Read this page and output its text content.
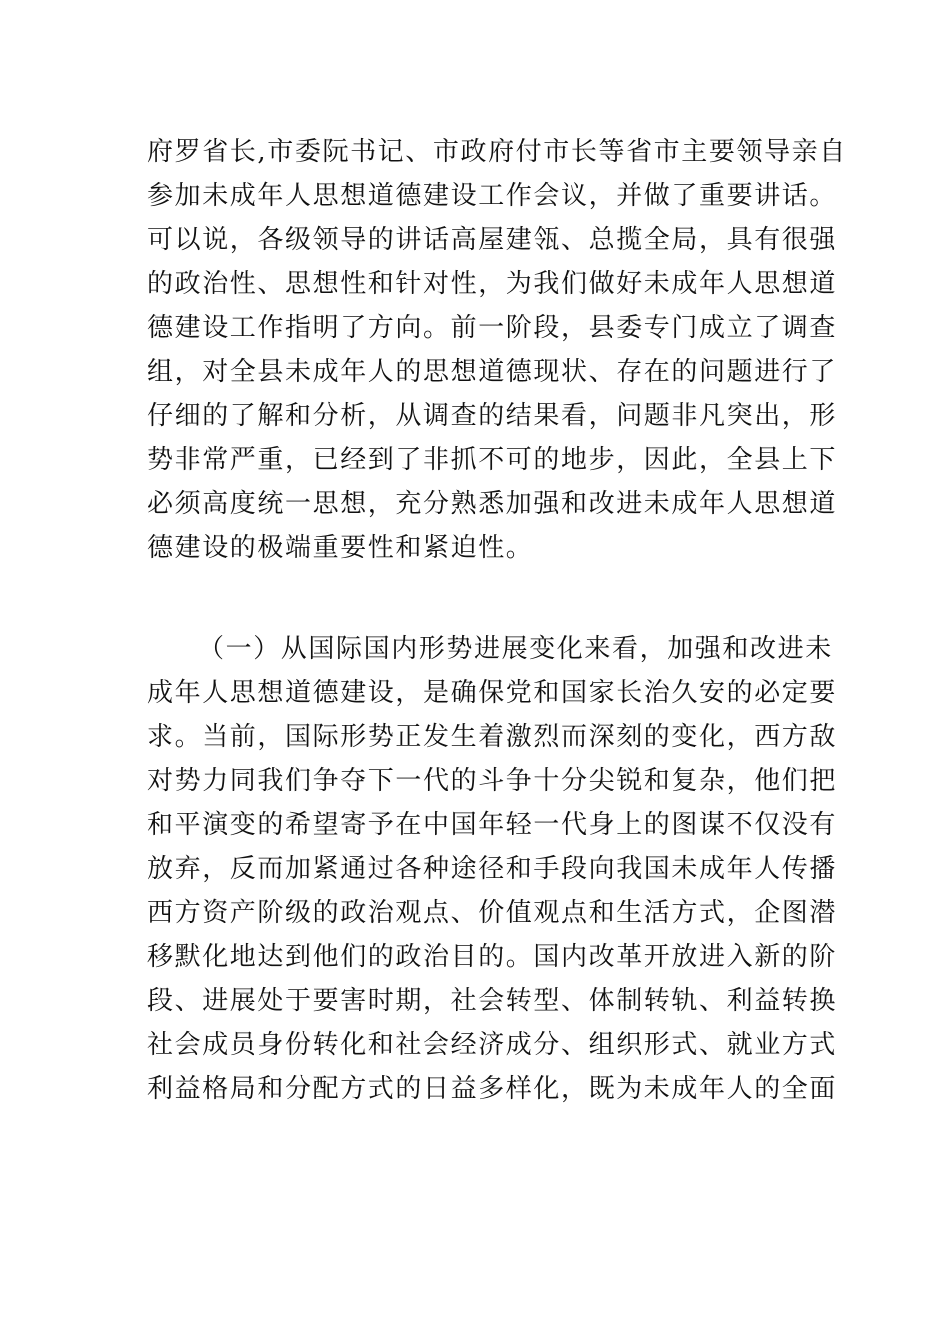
府罗省长,市委阮书记、市政府付市长等省市主要领导亲自
参加未成年人思想道德建设工作会议，并做了重要讲话。
可以说，各级领导的讲话高屋建瓴、总揽全局，具有很强
的政治性、思想性和针对性，为我们做好未成年人思想道
德建设工作指明了方向。前一阶段，县委专门成立了调查
组，对全县未成年人的思想道德现状、存在的问题进行了
仔细的了解和分析，从调查的结果看，问题非凡突出，形
势非常严重，已经到了非抓不可的地步，因此，全县上下
必须高度统一思想，充分熟悉加强和改进未成年人思想道
德建设的极端重要性和紧迫性。
（一）从国际国内形势进展变化来看，加强和改进未
成年人思想道德建设，是确保党和国家长治久安的必定要
求。当前，国际形势正发生着激烈而深刻的变化，西方敌
对势力同我们争夺下一代的斗争十分尖锐和复杂，他们把
和平演变的希望寄予在中国年轻一代身上的图谋不仅没有
放弃，反而加紧通过各种途径和手段向我国未成年人传播
西方资产阶级的政治观点、价值观点和生活方式，企图潜
移默化地达到他们的政治目的。国内改革开放进入新的阶
段、进展处于要害时期，社会转型、体制转轨、利益转换
社会成员身份转化和社会经济成分、组织形式、就业方式
利益格局和分配方式的日益多样化，既为未成年人的全面
